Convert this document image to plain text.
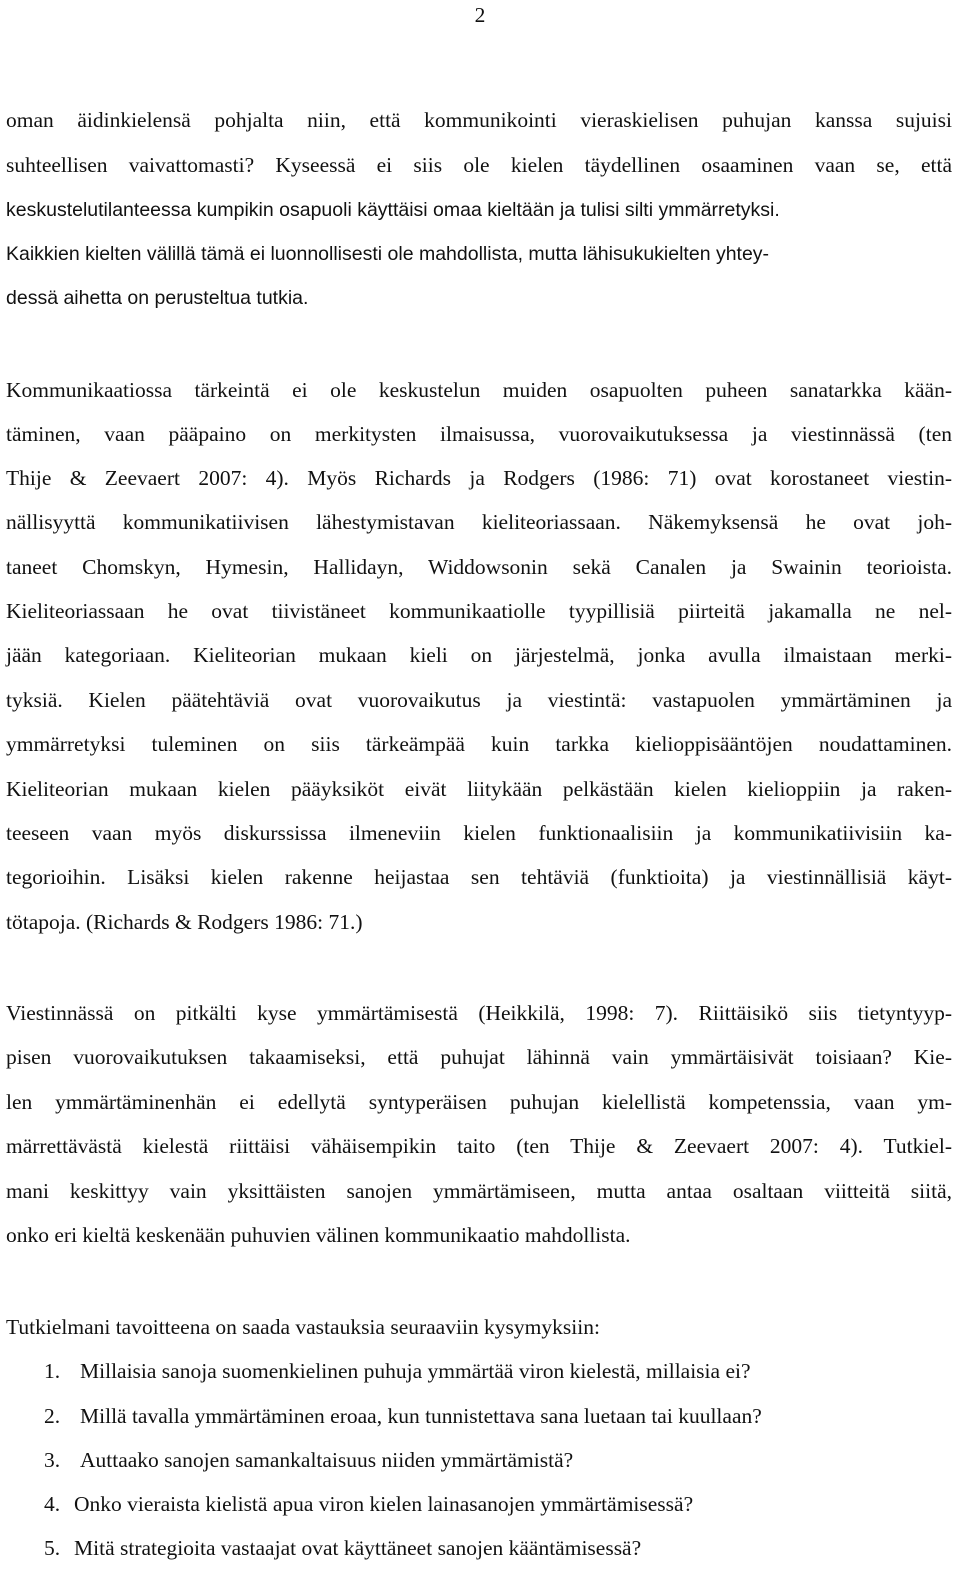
2
oman äidinkielensä pohjalta niin, että kommunikointi vieraskielisen puhujan kanssa sujuisi
suhteellisen vaivattomasti? Kyseessä ei siis ole kielen täydellinen osaaminen vaan se, että
keskustelutilanteessa kumpikin osapuoli käyttäisi omaa kieltään ja tulisi silti ymmärretyksi.
Kaikkien kielten välillä tämä ei luonnollisesti ole mahdollista, mutta lähisukukielten yhtey-
dessä aihetta on perusteltua tutkia.
Kommunikaatiossa tärkeintä ei ole keskustelun muiden osapuolten puheen sanatarkka kään-
täminen, vaan pääpaino on merkitysten ilmaisussa, vuorovaikutuksessa ja viestinnässä (ten
Thije & Zeevaert 2007: 4). Myös Richards ja Rodgers (1986: 71) ovat korostaneet viestin-
nällisyyttä kommunikatiivisen lähestymistavan kieliteoriassaan. Näkemyksensä he ovat joh-
taneet Chomskyn, Hymesin, Hallidayn, Widdowsonin sekä Canalen ja Swainin teorioista.
Kieliteoriassaan he ovat tiivistäneet kommunikaatiolle tyypillisiä piirteitä jakamalla ne nel-
jään kategoriaan. Kieliteorian mukaan kieli on järjestelmä, jonka avulla ilmaistaan merki-
tyksiä. Kielen päätehtäviä ovat vuorovaikutus ja viestintä: vastapuolen ymmärtäminen ja
ymmärretyksi tuleminen on siis tärkeämpää kuin tarkka kielioppisääntöjen noudattaminen.
Kieliteorian mukaan kielen pääyksiköt eivät liitykään pelkästään kielen kielioppiin ja raken-
teeseen vaan myös diskurssissa ilmeneviin kielen funktionaalisiin ja kommunikatiivisiin ka-
tegorioihin. Lisäksi kielen rakenne heijastaa sen tehtäviä (funktioita) ja viestinnällisiä käyt-
tötapoja. (Richards & Rodgers 1986: 71.)
Viestinnässä on pitkälti kyse ymmärtämisestä (Heikkilä, 1998: 7). Riittäisikö siis tietyntyyp-
pisen vuorovaikutuksen takaamiseksi, että puhujat lähinnä vain ymmärtäisivät toisiaan? Kie-
len ymmärtäminenhän ei edellytä syntyperäisen puhujan kielellistä kompetenssia, vaan ym-
märrettävästä kielestä riittäisi vähäisempikin taito (ten Thije & Zeevaert 2007: 4). Tutkiel-
mani keskittyy vain yksittäisten sanojen ymmärtämiseen, mutta antaa osaltaan viitteitä siitä,
onko eri kieltä keskenään puhuvien välinen kommunikaatio mahdollista.
Tutkielmani tavoitteena on saada vastauksia seuraaviin kysymyksiin:
1. Millaisia sanoja suomenkielinen puhuja ymmärtää viron kielestä, millaisia ei?
2. Millä tavalla ymmärtäminen eroaa, kun tunnistettava sana luetaan tai kuullaan?
3. Auttaako sanojen samankaltaisuus niiden ymmärtämistä?
4. Onko vieraista kielistä apua viron kielen lainasanojen ymmärtämisessä?
5. Mitä strategioita vastaajat ovat käyttäneet sanojen kääntämisessä?
